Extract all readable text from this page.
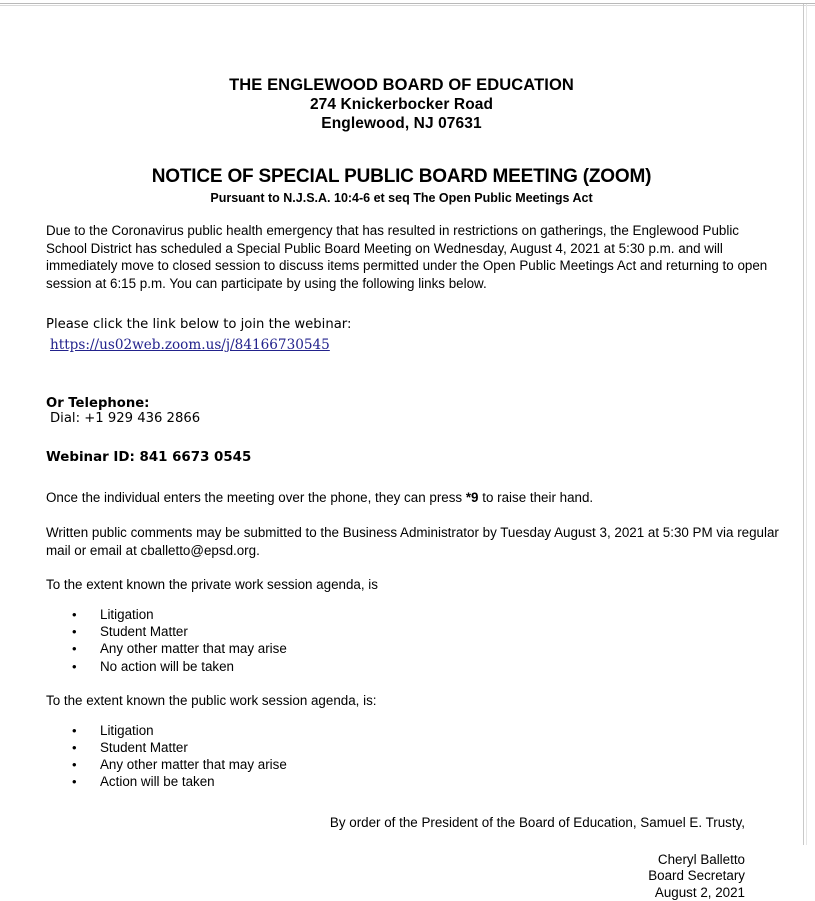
THE ENGLEWOOD BOARD OF EDUCATION
274 Knickerbocker Road
Englewood, NJ 07631
NOTICE OF SPECIAL PUBLIC BOARD MEETING (ZOOM)
Pursuant to N.J.S.A. 10:4-6 et seq The Open Public Meetings Act
Due to the Coronavirus public health emergency that has resulted in restrictions on gatherings, the Englewood Public School District has scheduled a Special Public Board Meeting on Wednesday, August 4, 2021 at 5:30 p.m. and will immediately move to closed session to discuss items permitted under the Open Public Meetings Act and returning to open session at 6:15 p.m. You can participate by using the following links below.
Please click the link below to join the webinar:
https://us02web.zoom.us/j/84166730545
Or Telephone:
Dial: +1 929 436 2866
Webinar ID: 841 6673 0545
Once the individual enters the meeting over the phone, they can press *9 to raise their hand.
Written public comments may be submitted to the Business Administrator by Tuesday August 3, 2021 at 5:30 PM via regular mail or email at cballetto@epsd.org.
To the extent known the private work session agenda, is
• Litigation
• Student Matter
• Any other matter that may arise
• No action will be taken
To the extent known the public work session agenda, is:
• Litigation
• Student Matter
• Any other matter that may arise
• Action will be taken
By order of the President of the Board of Education, Samuel E. Trusty,
Cheryl Balletto
Board Secretary
August 2, 2021
